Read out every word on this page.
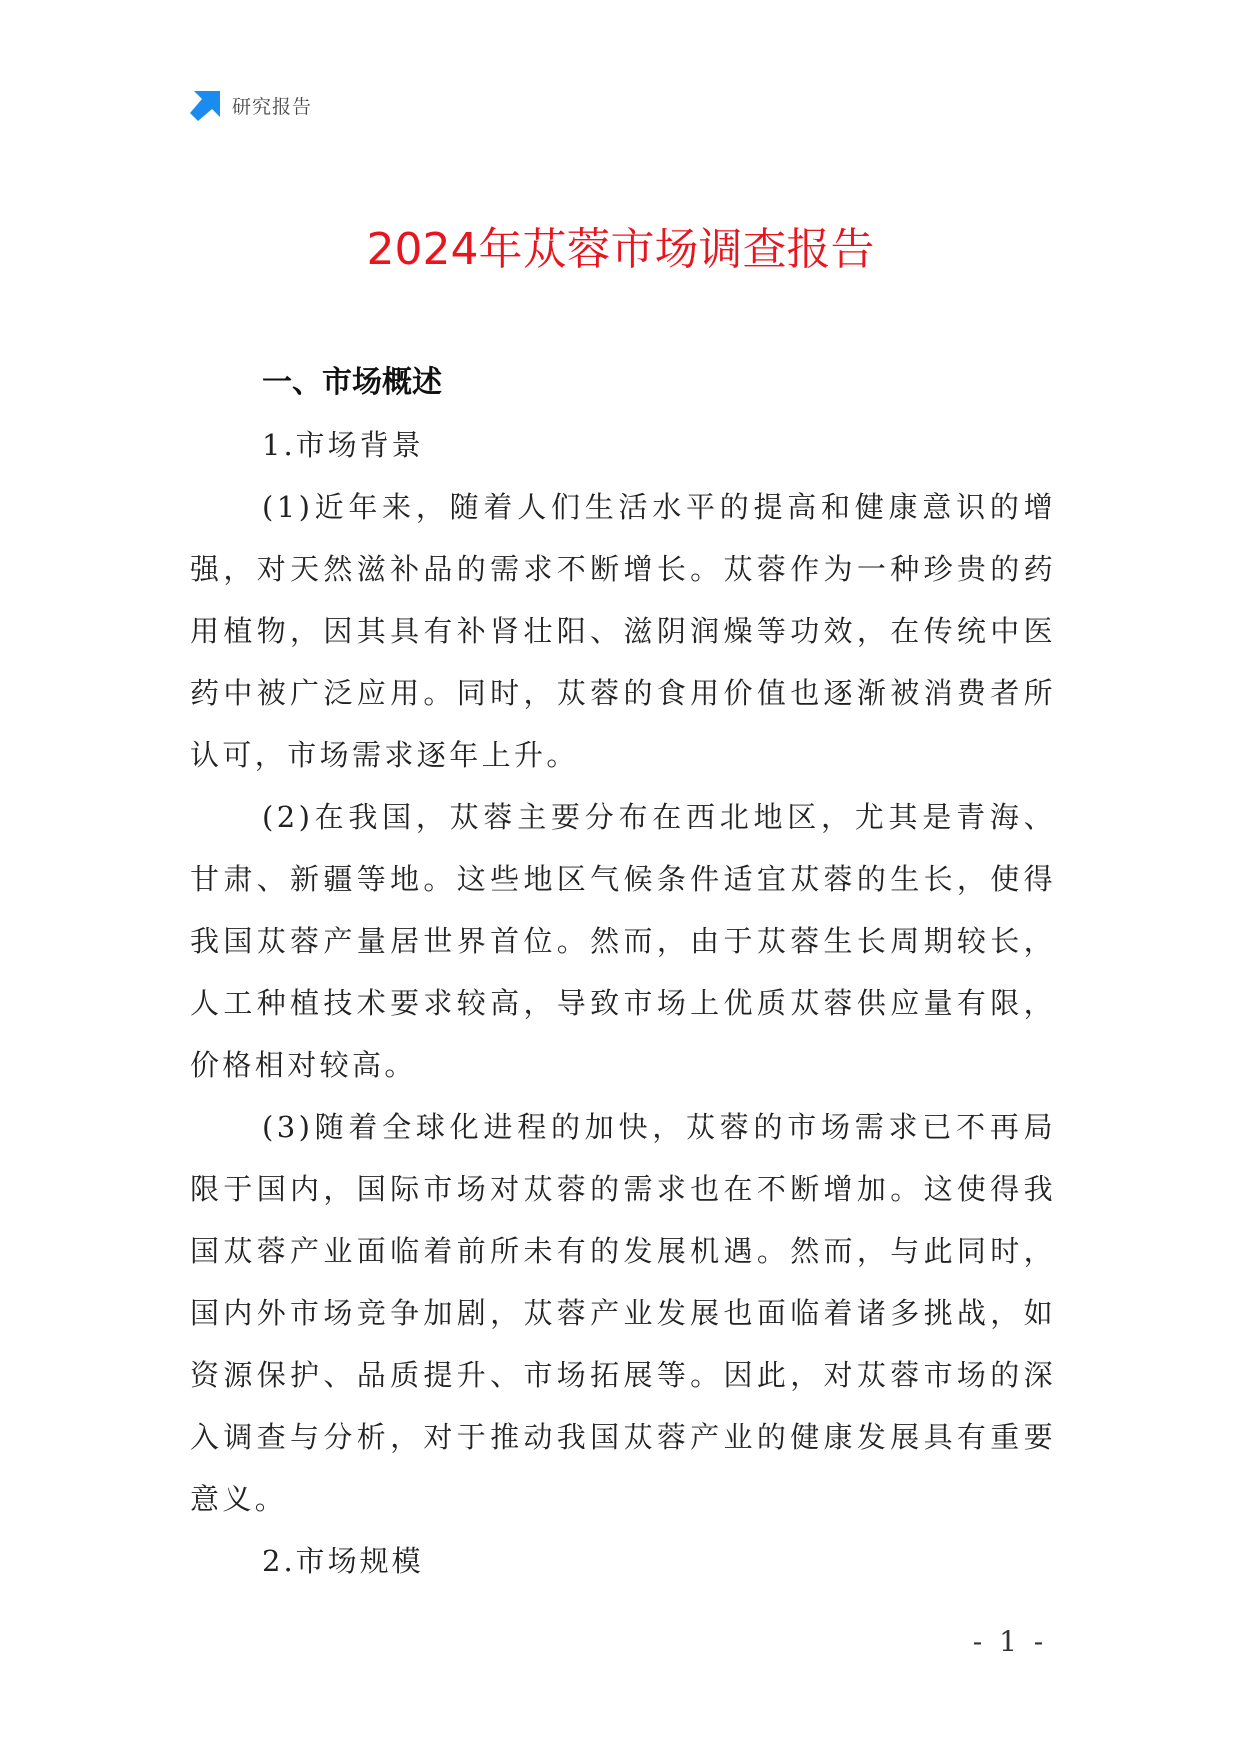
研究报告
2024年苁蓉市场调查报告
一、市场概述
1.市场背景

(1)近年来，随着人们生活水平的提高和健康意识的增强，对天然滋补品的需求不断增长。苁蓉作为一种珍贵的药用植物，因其具有补肾壮阳、滋阴润燥等功效，在传统中医药中被广泛应用。同时，苁蓉的食用价值也逐渐被消费者所认可，市场需求逐年上升。

(2)在我国，苁蓉主要分布在西北地区，尤其是青海、甘肃、新疆等地。这些地区气候条件适宜苁蓉的生长，使得我国苁蓉产量居世界首位。然而，由于苁蓉生长周期较长，人工种植技术要求较高，导致市场上优质苁蓉供应量有限，价格相对较高。

(3)随着全球化进程的加快，苁蓉的市场需求已不再局限于国内，国际市场对苁蓉的需求也在不断增加。这使得我国苁蓉产业面临着前所未有的发展机遇。然而，与此同时，国内外市场竞争加剧，苁蓉产业发展也面临着诸多挑战，如资源保护、品质提升、市场拓展等。因此，对苁蓉市场的深入调查与分析，对于推动我国苁蓉产业的健康发展具有重要意义。

2.市场规模
- 1 -
